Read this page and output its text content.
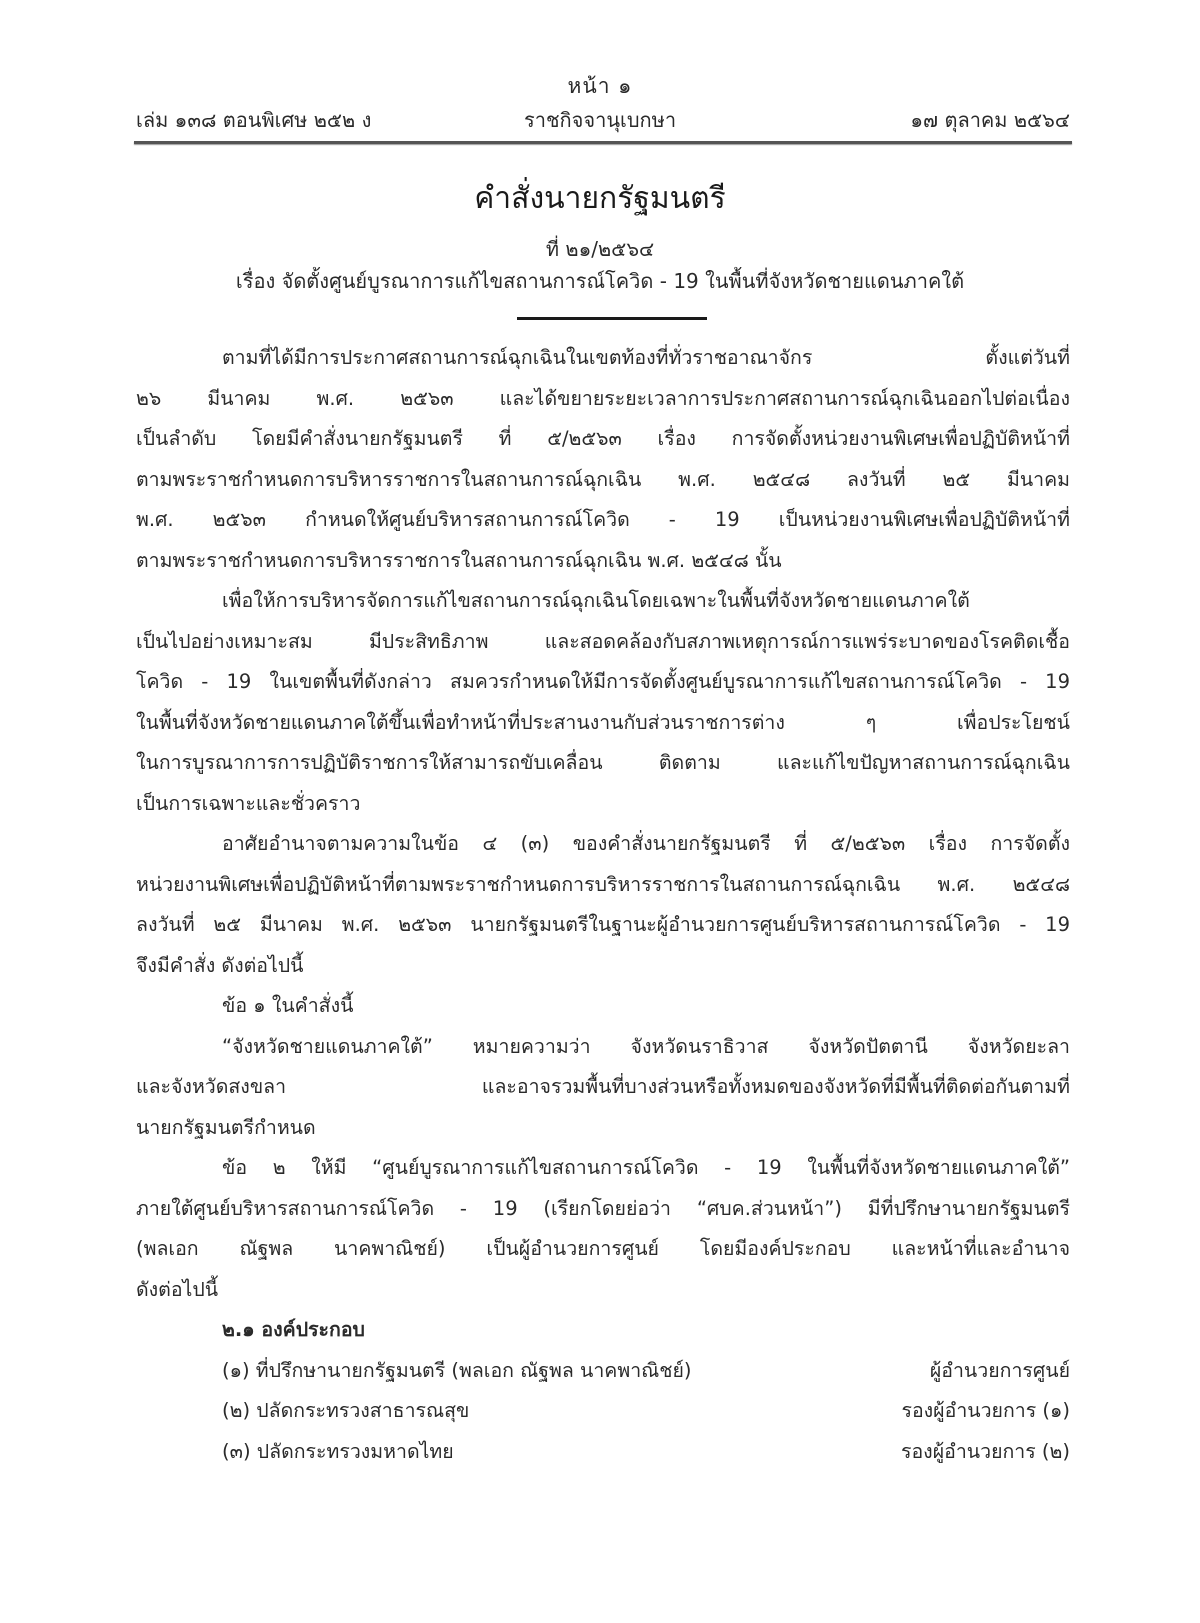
หน้า ๑
เล่ม ๑๓๘ ตอนพิเศษ ๒๕๒ ง	ราชกิจจานุเบกษา	๑๗ ตุลาคม ๒๕๖๔
คำสั่งนายกรัฐมนตรี
ที่ ๒๑/๒๕๖๔
เรื่อง จัดตั้งศูนย์บูรณาการแก้ไขสถานการณ์โควิด - 19 ในพื้นที่จังหวัดชายแดนภาคใต้
ตามที่ได้มีการประกาศสถานการณ์ฉุกเฉินในเขตท้องที่ทั่วราชอาณาจักร ตั้งแต่วันที่
๒๖ มีนาคม พ.ศ. ๒๕๖๓ และได้ขยายระยะเวลาการประกาศสถานการณ์ฉุกเฉินออกไปต่อเนื่อง
เป็นลำดับ โดยมีคำสั่งนายกรัฐมนตรี ที่ ๕/๒๕๖๓ เรื่อง การจัดตั้งหน่วยงานพิเศษเพื่อปฏิบัติหน้าที่
ตามพระราชกำหนดการบริหารราชการในสถานการณ์ฉุกเฉิน พ.ศ. ๒๕๔๘ ลงวันที่ ๒๕ มีนาคม
พ.ศ. ๒๕๖๓ กำหนดให้ศูนย์บริหารสถานการณ์โควิด - 19 เป็นหน่วยงานพิเศษเพื่อปฏิบัติหน้าที่
ตามพระราชกำหนดการบริหารราชการในสถานการณ์ฉุกเฉิน พ.ศ. ๒๕๔๘ นั้น
เพื่อให้การบริหารจัดการแก้ไขสถานการณ์ฉุกเฉินโดยเฉพาะในพื้นที่จังหวัดชายแดนภาคใต้
เป็นไปอย่างเหมาะสม มีประสิทธิภาพ และสอดคล้องกับสภาพเหตุการณ์การแพร่ระบาดของโรคติดเชื้อ
โควิด - 19 ในเขตพื้นที่ดังกล่าว สมควรกำหนดให้มีการจัดตั้งศูนย์บูรณาการแก้ไขสถานการณ์โควิด - 19
ในพื้นที่จังหวัดชายแดนภาคใต้ขึ้นเพื่อทำหน้าที่ประสานงานกับส่วนราชการต่าง ๆ เพื่อประโยชน์
ในการบูรณาการการปฏิบัติราชการให้สามารถขับเคลื่อน ติดตาม และแก้ไขปัญหาสถานการณ์ฉุกเฉิน
เป็นการเฉพาะและชั่วคราว
อาศัยอำนาจตามความในข้อ ๔ (๓) ของคำสั่งนายกรัฐมนตรี ที่ ๕/๒๕๖๓ เรื่อง การจัดตั้ง
หน่วยงานพิเศษเพื่อปฏิบัติหน้าที่ตามพระราชกำหนดการบริหารราชการในสถานการณ์ฉุกเฉิน พ.ศ. ๒๕๔๘
ลงวันที่ ๒๕ มีนาคม พ.ศ. ๒๕๖๓ นายกรัฐมนตรีในฐานะผู้อำนวยการศูนย์บริหารสถานการณ์โควิด - 19
จึงมีคำสั่ง ดังต่อไปนี้
ข้อ ๑ ในคำสั่งนี้
“จังหวัดชายแดนภาคใต้” หมายความว่า จังหวัดนราธิวาส จังหวัดปัตตานี จังหวัดยะลา
และจังหวัดสงขลา และอาจรวมพื้นที่บางส่วนหรือทั้งหมดของจังหวัดที่มีพื้นที่ติดต่อกันตามที่
นายกรัฐมนตรีกำหนด
ข้อ ๒ ให้มี “ศูนย์บูรณาการแก้ไขสถานการณ์โควิด - 19 ในพื้นที่จังหวัดชายแดนภาคใต้”
ภายใต้ศูนย์บริหารสถานการณ์โควิด - 19 (เรียกโดยย่อว่า “ศบค.ส่วนหน้า”) มีที่ปรึกษานายกรัฐมนตรี
(พลเอก ณัฐพล นาคพาณิชย์) เป็นผู้อำนวยการศูนย์ โดยมีองค์ประกอบ และหน้าที่และอำนาจ
ดังต่อไปนี้
๒.๑ องค์ประกอบ
(๑) ที่ปรึกษานายกรัฐมนตรี (พลเอก ณัฐพล นาคพาณิชย์)	ผู้อำนวยการศูนย์
(๒) ปลัดกระทรวงสาธารณสุข	รองผู้อำนวยการ (๑)
(๓) ปลัดกระทรวงมหาดไทย	รองผู้อำนวยการ (๒)
